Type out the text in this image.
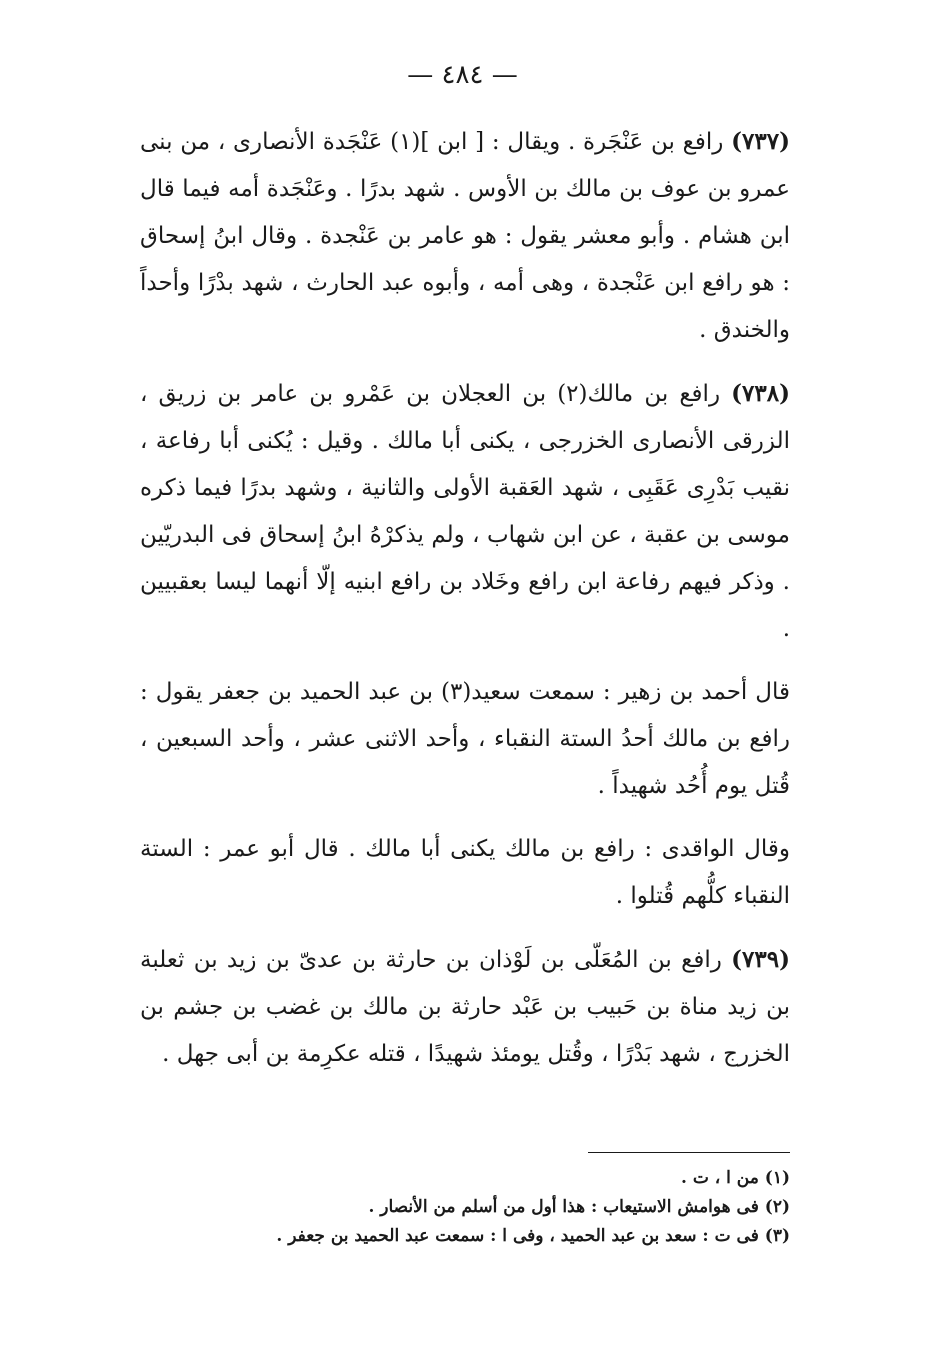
— ٤٨٤ —

(٧٣٧) رافع بن عَنْجَرة . ويقال : [ ابن ](١) عَنْجَدة الأنصارى ، من بنى عمرو بن عوف بن مالك بن الأوس . شهد بدرًا . وعَنْجَدة أمه فيما قال ابن هشام . وأبو معشر يقول : هو عامر بن عَنْجدة . وقال ابنُ إسحاق : هو رافع ابن عَنْجدة ، وهى أمه ، وأبوه عبد الحارث ، شهد بدْرًا وأحداً والخندق .

(٧٣٨) رافع بن مالك(٢) بن العجلان بن عَمْرو بن عامر بن زريق ، الزرقى الأنصارى الخزرجى ، يكنى أبا مالك . وقيل : يُكنى أبا رفاعة ، نقيب بَدْرِى عَقَبِى ، شهد العَقبة الأولى والثانية ، وشهد بدرًا فيما ذكره موسى بن عقبة ، عن ابن شهاب ، ولم يذكرْهُ ابنُ إسحاق فى البدريّين . وذكر فيهم رفاعة ابن رافع وخَلاد بن رافع ابنيه إلّا أنهما ليسا بعقبيين .

قال أحمد بن زهير : سمعت سعيد(٣) بن عبد الحميد بن جعفر يقول : رافع بن مالك أحدُ الستة النقباء ، وأحد الاثنى عشر ، وأحد السبعين ، قُتل يوم أُحُد شهيداً .

وقال الواقدى : رافع بن مالك يكنى أبا مالك . قال أبو عمر : الستة النقباء كلُّهم قُتلوا .

(٧٣٩) رافع بن المُعَلّى بن لَوْذان بن حارثة بن عدىّ بن زيد بن ثعلبة بن زيد مناة بن حَبيب بن عَبْد حارثة بن مالك بن غضب بن جشم بن الخزرج ، شهد بَدْرًا ، وقُتل يومئذ شهيدًا ، قتله عكرِمة بن أبى جهل .

(١) من ا ، ت .

(٢) فى هوامش الاستيعاب : هذا أول من أسلم من الأنصار .

(٣) فى ت : سعد بن عبد الحميد ، وفى ا : سمعت عبد الحميد بن جعفر .
